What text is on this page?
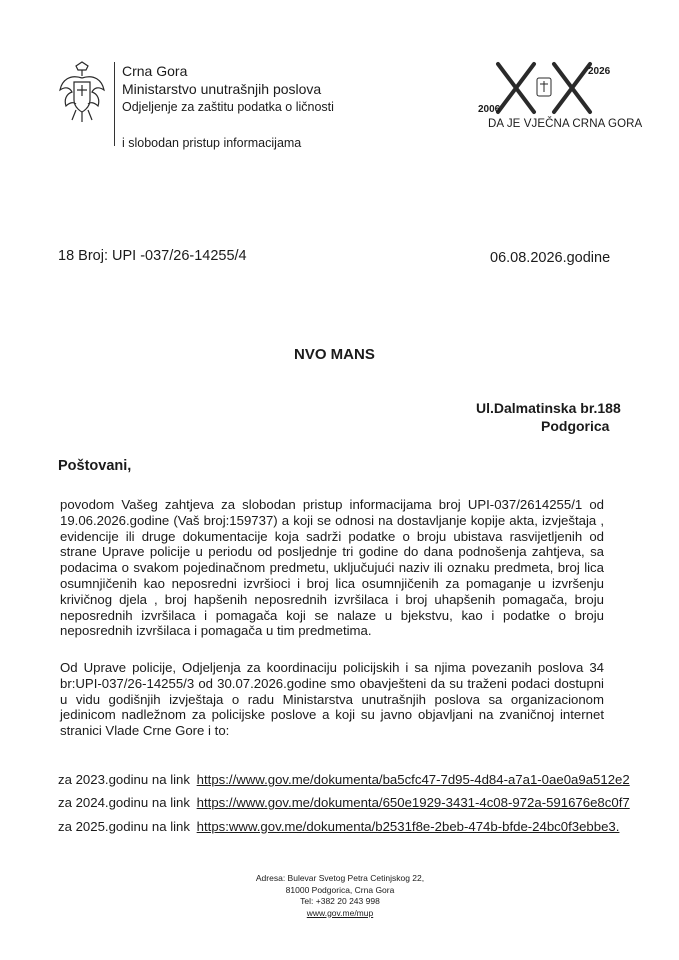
Crna Gora
Ministarstvo unutrašnjih poslova
Odjeljenje za zaštitu podatka o ličnosti
i slobodan pristup informacijama
2026
2006
DA JE VJEČNA CRNA GORA
18 Broj: UPI -037/26-14255/4	06.08.2026.godine
NVO MANS
Ul.Dalmatinska br.188
Podgorica
Poštovani,
povodom Vašeg zahtjeva za slobodan pristup informacijama broj UPI-037/2614255/1 od 19.06.2026.godine (Vaš broj:159737) a koji se odnosi na dostavljanje kopije akta, izvještaja , evidencije ili druge dokumentacije koja sadrži podatke o broju ubistava rasvijetljenih od strane Uprave policije u periodu od posljednje tri godine do dana podnošenja zahtjeva, sa podacima o svakom pojedinačnom predmetu, uključujući naziv ili oznaku predmeta, broj lica osumnjičenih kao neposredni izvršioci i broj lica osumnjičenih za pomaganje u izvršenju krivičnog djela , broj hapšenih neposrednih izvršilaca i broj uhapšenih pomagača, broju neposrednih izvršilaca i pomagača koji se nalaze u bjekstvu, kao i podatke o broju neposrednih izvršilaca i pomagača u tim predmetima.
Od Uprave policije, Odjeljenja za koordinaciju policijskih i sa njima povezanih poslova 34 br:UPI-037/26-14255/3 od 30.07.2026.godine smo obavješteni da su traženi podaci dostupni u vidu godišnjih izvještaja o radu Ministarstva unutrašnjih poslova sa organizacionom jedinicom nadležnom za policijske poslove a koji su javno objavljani na zvaničnoj internet stranici Vlade Crne Gore i to:
za 2023.godinu na link https://www.gov.me/dokumenta/ba5cfc47-7d95-4d84-a7a1-0ae0a9a512e2
za 2024.godinu na link https://www.gov.me/dokumenta/650e1929-3431-4c08-972a-591676e8c0f7
za 2025.godinu na link https:www.gov.me/dokumenta/b2531f8e-2beb-474b-bfde-24bc0f3ebbe3.
Adresa: Bulevar Svetog Petra Cetinjskog 22,
81000 Podgorica, Crna Gora
Tel: +382 20 243 998
www.gov.me/mup
